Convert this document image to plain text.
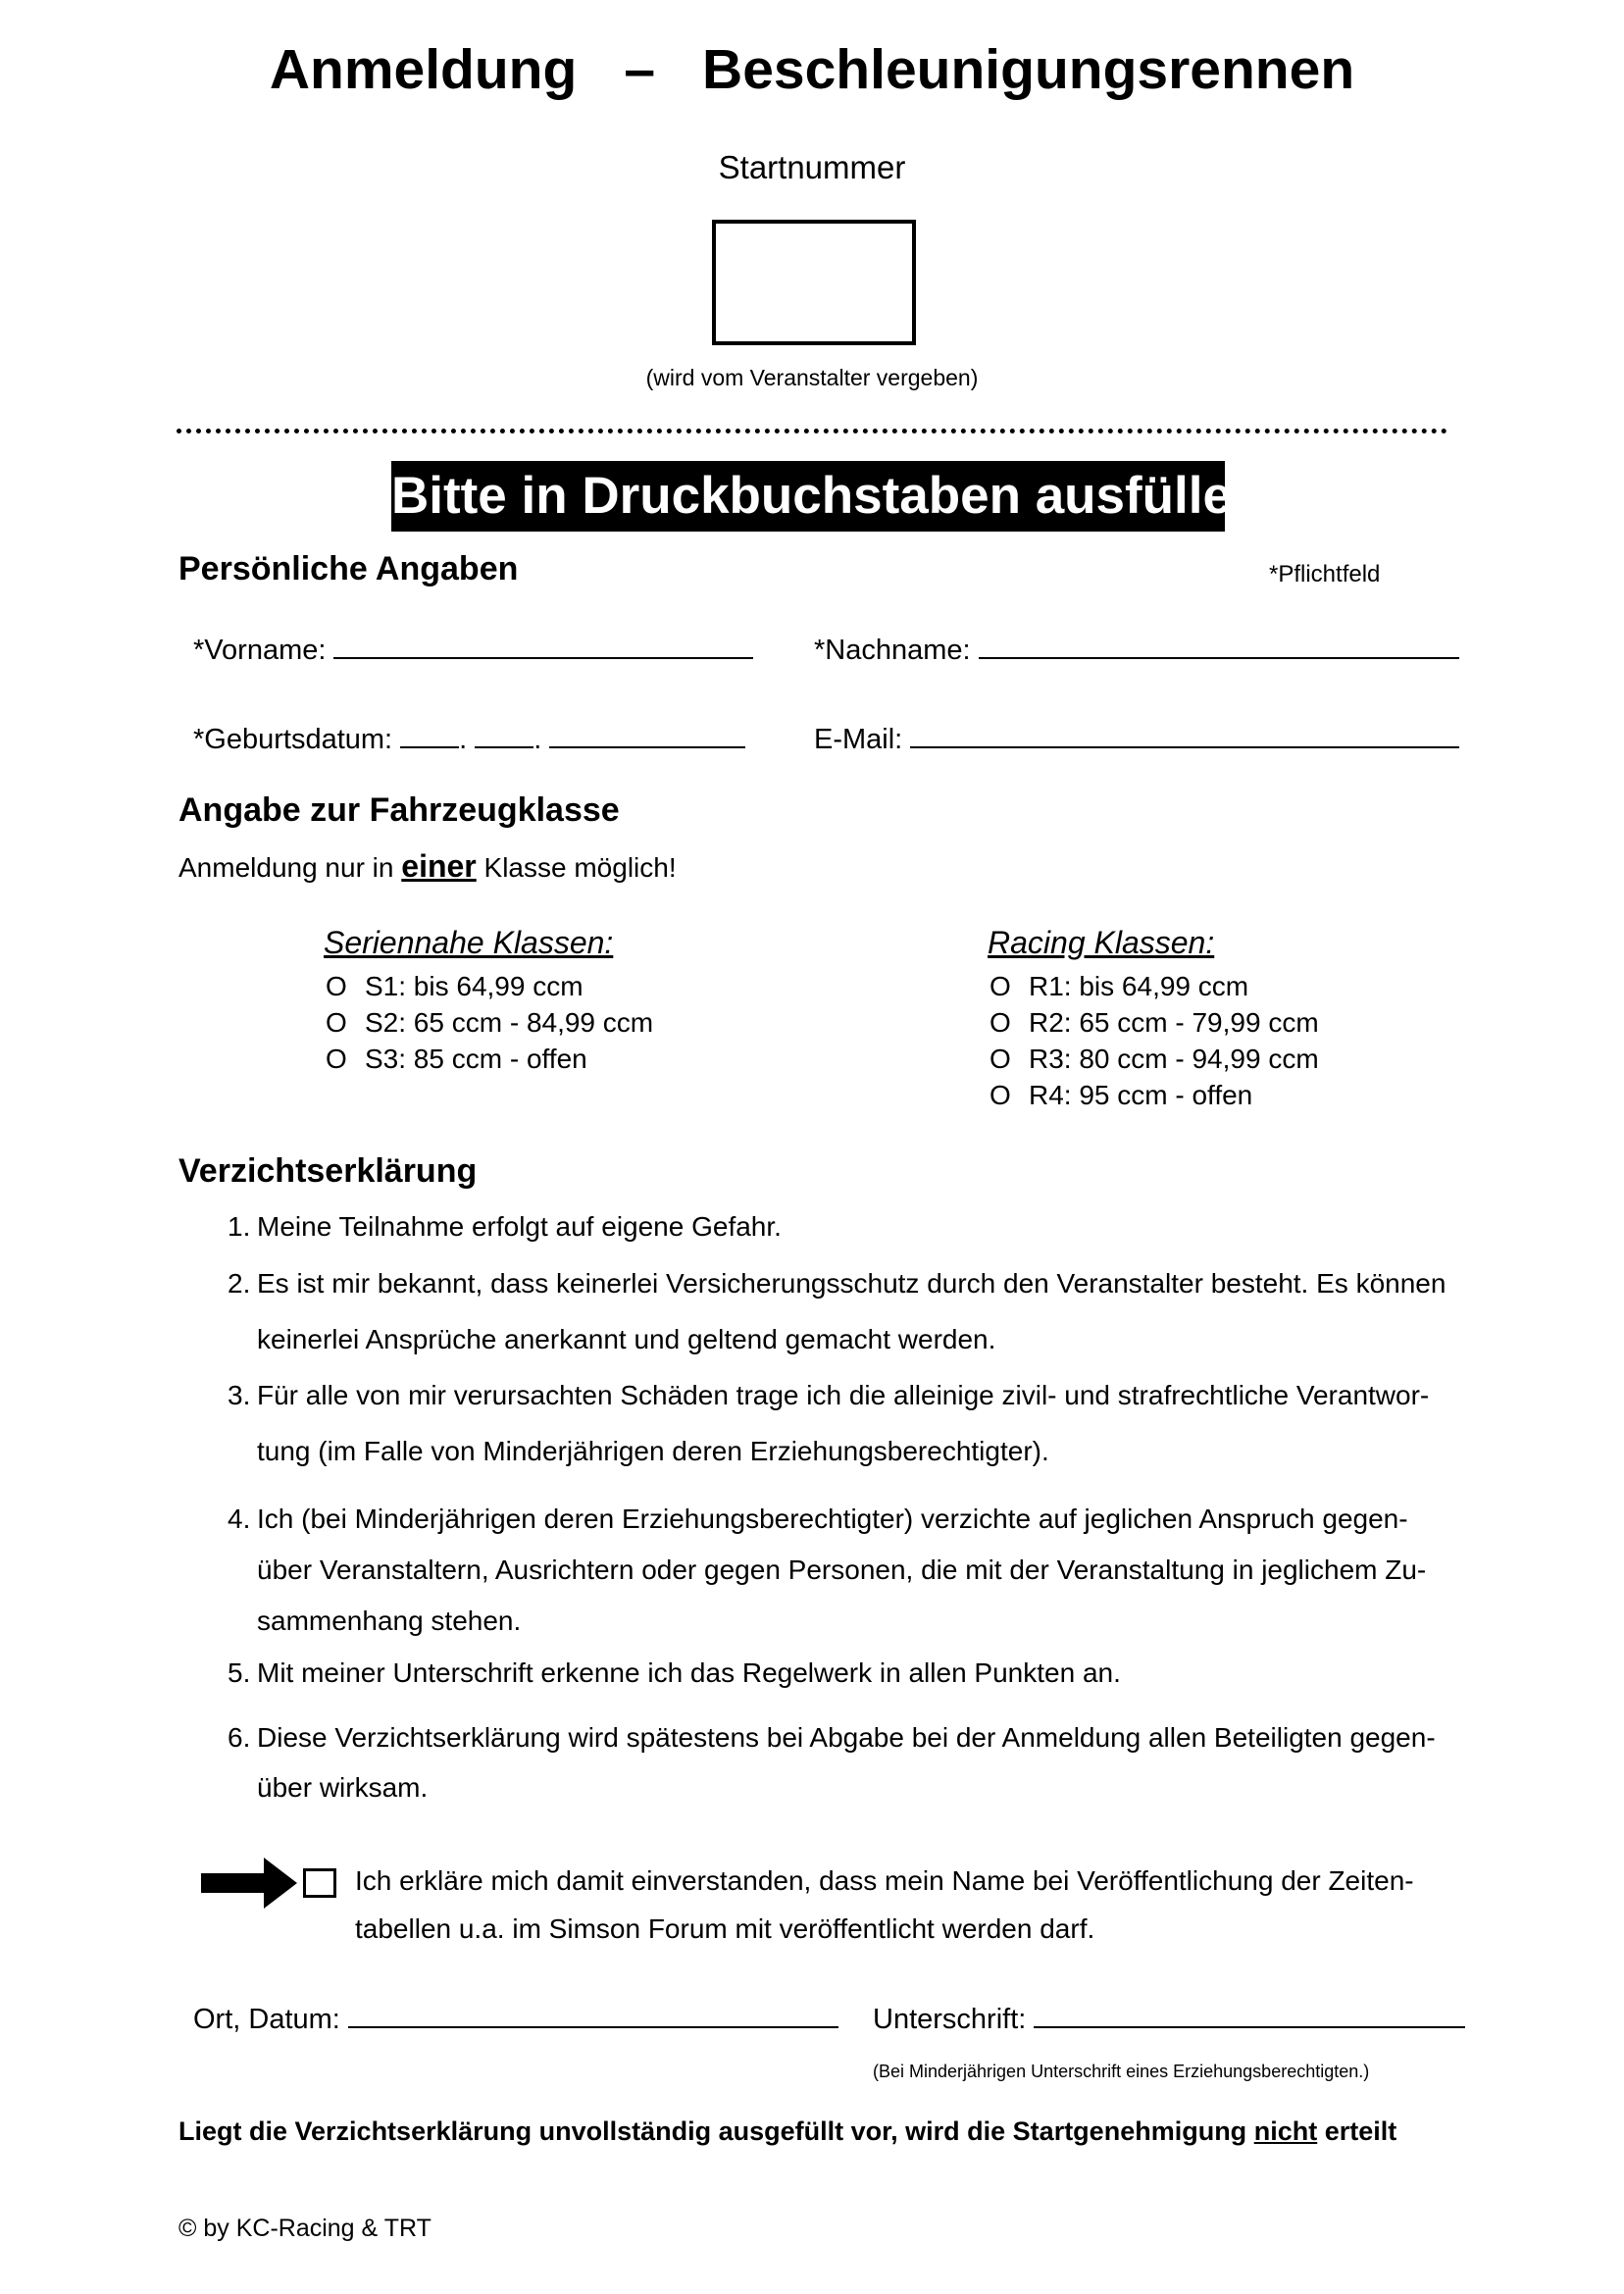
Anmeldung – Beschleunigungsrennen
Startnummer
(wird vom Veranstalter vergeben)
Bitte in Druckbuchstaben ausfüllen!
Persönliche Angaben	*Pflichtfeld
*Vorname:	*Nachname:
*Geburtsdatum: . .	E-Mail:
Angabe zur Fahrzeugklasse
Anmeldung nur in einer Klasse möglich!
Seriennahe Klassen:
O S1: bis 64,99 ccm
O S2: 65 ccm - 84,99 ccm
O S3: 85 ccm - offen
Racing Klassen:
O R1: bis 64,99 ccm
O R2: 65 ccm - 79,99 ccm
O R3: 80 ccm - 94,99 ccm
O R4: 95 ccm - offen
Verzichtserklärung
1. Meine Teilnahme erfolgt auf eigene Gefahr.
2. Es ist mir bekannt, dass keinerlei Versicherungsschutz durch den Veranstalter besteht. Es können
keinerlei Ansprüche anerkannt und geltend gemacht werden.
3. Für alle von mir verursachten Schäden trage ich die alleinige zivil- und strafrechtliche Verantwor-
tung (im Falle von Minderjährigen deren Erziehungsberechtigter).
4. Ich (bei Minderjährigen deren Erziehungsberechtigter) verzichte auf jeglichen Anspruch gegen-
über Veranstaltern, Ausrichtern oder gegen Personen, die mit der Veranstaltung in jeglichem Zu-
sammenhang stehen.
5. Mit meiner Unterschrift erkenne ich das Regelwerk in allen Punkten an.
6. Diese Verzichtserklärung wird spätestens bei Abgabe bei der Anmeldung allen Beteiligten gegen-
über wirksam.
Ich erkläre mich damit einverstanden, dass mein Name bei Veröffentlichung der Zeiten-
tabellen u.a. im Simson Forum mit veröffentlicht werden darf.
Ort, Datum:	Unterschrift:
(Bei Minderjährigen Unterschrift eines Erziehungsberechtigten.)
Liegt die Verzichtserklärung unvollständig ausgefüllt vor, wird die Startgenehmigung nicht erteilt
© by KC-Racing & TRT
